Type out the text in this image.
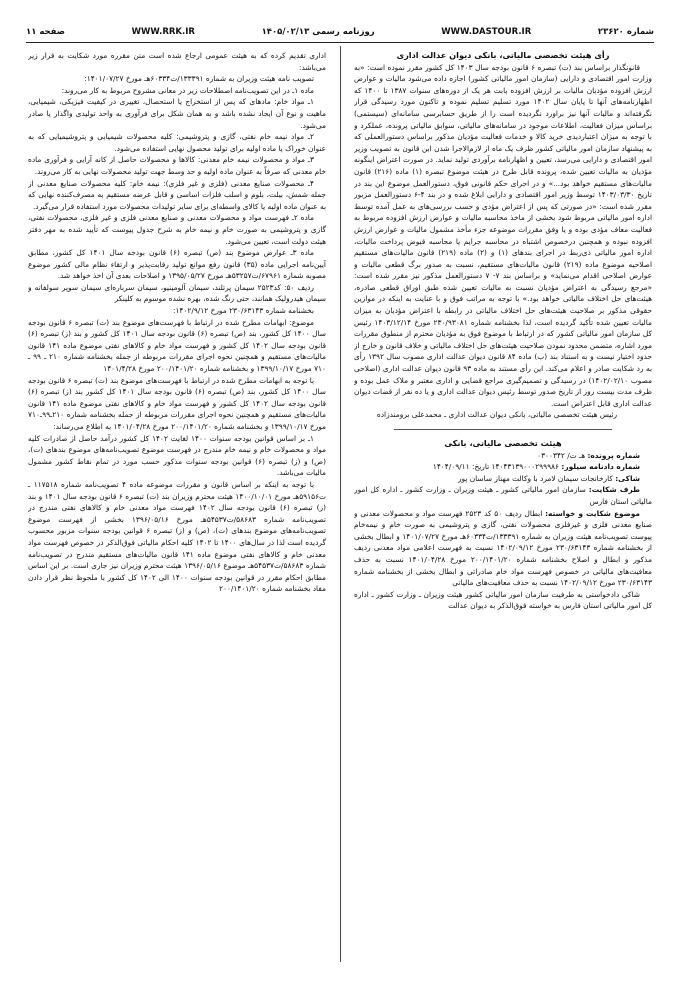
شماره ۲۳۶۲۰
WWW.DASTOUR.IR
روزنامه رسمی ۱۴۰۵/۰۲/۱۳
WWW.RRK.IR
صفحه ۱۱

رأی هیئت تخصصی مالیاتی، بانکی دیوان عدالت اداری

قانونگذار براساس بند (ت) تبصره ۶ قانون بودجه سال ۱۴۰۳ کل کشور مقرر نموده است: «به وزارت امور اقتصادی و دارایی (سازمان امور مالیاتی کشور) اجازه داده می‌شود مالیات و عوارض ارزش افزوده مؤدیان مالیات بر ارزش افزوده بابت هر یک از دوره‌های سنوات ۱۳۸۷ تا ۱۴۰۰ که اظهارنامه‌های آنها تا پایان سال ۱۴۰۲ مورد تسلیم تسلیم نموده و تاکنون مورد رسیدگی قرار نگرفته‌اند و مالیات آنها نیز براورد نگردیده است را از طریق حسابرسی سامانه‌ای (سیستمی) براساس میزان فعالیت، اطلاعات موجود در سامانه‌های مالیاتی، سوابق مالیاتی پرونده، عملکرد و با توجه به میزان اعتباردیدی خرید کالا و خدمات فعالیت مؤدیان مذکور براساس دستورالعملی که به پیشنهاد سازمان امور مالیاتی کشور ظرف یک ماه از لازم‌الاجرا شدن این قانون به تصویب وزیر امور اقتصادی و دارایی می‌رسد، تعیین و اظهارنامه برآوردی تولید نماید. در صورت اعتراض اینگونه مؤدیان به مالیات تعیین شده، پرونده قابل طرح در هیئت موضوع تبصره (۱) ماده (۲۱۶) قانون مالیات‌های مستقیم خواهد بود...» و در اجرای حکم قانونی فوق، دستورالعمل موضوع این بند در تاریخ ۱۴۰۳/۰۳/۳۰ توسط وزیر امور اقتصادی و دارایی ابلاغ شده و در بند ۴-۶ دستورالعمل مزبور مقرر شده است: «در صورتی که پس از اعتراض مؤدی و حسب بررسی‌های به عمل آمده توسط اداره امور مالیاتی مربوط شود بخشی از ماخذ محاسبه مالیات و عوارض ارزش افزوده مربوط به فعالیت معاف مؤدی بوده و یا وفق مقررات موضوعه جزء مأخذ مشمول مالیات و عوارض ارزش افزوده نبوده و همچنین درخصوص اشتباه در محاسبه جرایم یا محاسبه قبوض پرداخت مالیات، اداره امور مالیاتی ذی‌ربط در اجرای بندهای (۱) و (۲) ماده (۲۱۹) قانون مالیات‌های مستقیم اصلاحیه موضوع ماده (۲۱۹) قانون مالیات‌های مستقیم، نسبت به صدور برگ قطعی مالیات و عوارض اصلاحی اقدام می‌نماید» و براساس بند ۷- ۷ دستورالعمل مذکور نیز مقرر شده است: «مرجع رسیدگی به اعتراض مؤدیان نسبت به مالیات تعیین شده طبق اوراق قطعی صادره، هیئت‌های حل اختلاف مالیاتی خواهد بود.» با توجه به مراتب فوق و با عنایت به اینکه در موازین حقوقی مذکور بر صلاحیت هیئت‌های حل اختلاف مالیاتی در رابطه با اعتراض مؤدیان به میزان مالیات تعیین شده تأکید گردیده است، لذا بخشنامه شماره ۲۳۰/۹۳۰۸۱ مورخ ۱۴۰۳/۱۲/۱۴ رئیس کل سازمان امور مالیاتی کشور که در ارتباط با موضوع فوق به مؤدیان محترم از منطوق مقررات مورد اشاره، متضمن محدود نمودن صلاحیت هیئت‌های حل اختلاف مالیاتی و خلاف قانون و خارج از حدود اختیار نیست و به استناد بند (ب) ماده ۸۴ قانون دیوان عدالت اداری مصوب سال ۱۳۹۲ رأی به رد شکایت صادر و اعلام می‌کند. این رأی مستند به ماده ۹۳ قانون دیوان عدالت اداری (اصلاحی مصوب ۱۴۰۲/۰۲/۱۰) در رسیدگی و تصمیم‌گیری مراجع قضایی و اداری معتبر و ملاک عمل بوده و ظرف مدت بیست روز از تاریخ صدور توسط رئیس دیوان عدالت اداری و یا ده نفر از قضات دیوان عدالت اداری قابل اعتراض است.

رئیس هیئت تخصصی مالیاتی، بانکی دیوان عدالت اداری ـ محمدعلی برومندزاده

هیئت تخصصی مالیاتی، بانکی

شماره پرونده: هـ ت/ ۰۳۰۰۳۴۲

شماره دادنامه سیلور: ۱۴۰۴۳۱۳۹۰۰۰۲۹۹۹۸۶ تاریخ: ۱۴۰۴/۰۹/۱۱

شاکی: کارخانجات سیمان لامرد با وکالت مهناز ساسان پور

طرف شکایت: سازمان امور مالیاتی کشور ـ هیئت وزیران ـ وزارت کشور ـ اداره کل امور مالیاتی استان فارس

موضوع شکایت و خواسته: ابطال ردیف ۵۰ کد ۲۵۲۳ فهرست مواد و محصولات معدنی و صنایع معدنی فلزی و غیرفلزی محصولات نفتی، گازی و پتروشیمی به صورت خام و نیمه‌خام پیوست تصویب‌نامه هیئت وزیران به شماره ۱۳۳۳۹۱/ت۶۰۳۳۴هـ مورخ ۱۴۰۱/۰۷/۲۷ و ابطال بخشی از بخشنامه شماره ۲۳۰/۶۳۱۴۳ مورخ ۱۴۰۲/۰۹/۱۲ نسبت به فهرست اعلامی مواد معدنی ردیف مذکور و ابطال و اصلاح بخشنامه شماره ۲۰۰/۱۴۰۱/۲۰ مورخ ۱۴۰۱/۰۴/۲۸ نسبت به حذف معافیت‌های مالیاتی در خصوص فهرست مواد خام صادراتی و ابطال بخشی از بخشنامه شماره ۲۳۰/۶۳۱۴۳ مورخ ۱۴۰۲/۰۹/۱۲ نسبت به حذف معافیت‌های مالیاتی

شاکی دادخواستی به طرفیت سازمان امور مالیاتی کشور هیئت وزیران ـ وزارت کشور ـ اداره کل امور مالیاتی استان فارس به خواسته فوق‌الذکر به دیوان عدالت

اداری تقدیم کرده که به هیئت عمومی ارجاع شده است متن مقرره مورد شکایت به قرار زیر می‌باشد:

تصویب نامه هیئت وزیران به شماره ۱۳۳۳۹۱/ت۶۰۳۳۴هـ مورخ ۱۴۰۱/۰۷/۲۷:

ماده ۱ـ در این تصویب‌نامه اصطلاحات زیر در معانی مشروح مربوط به کار می‌روند:

۱ـ مواد خام: مادهای که پس از استخراج یا استحصال، تغییری در کیفیت فیزیکی، شیمیایی، ماهیت و نوع آن ایجاد نشده باشد و به همان شکل برای فرآوری به واحد تولیدی واگذار یا صادر می‌شود.

۲ـ مواد نیمه خام نفتی، گازی و پتروشیمی: کلیه محصولات شیمیایی و پتروشیمیایی که به عنوان خوراک یا ماده اولیه برای تولید محصول نهایی استفاده می‌شود.

۳ـ مواد و محصولات نیمه خام معدنی: کالاها و محصولات حاصل از کانه آرایی و فرآوری ماده خام معدنی که صرفاً به عنوان ماده اولیه و حد وسط جهت تولید محصولات نهایی به کار می‌روند.

۴ـ محصولات صنایع معدنی (فلزی و غیر فلزی): نیمه خام: کلیه محصولات صنایع معدنی از جمله شمش، بیلت، بلوم و اسلب فلزات اساسی و قابل عرضه مستقیم به مصرف‌کننده نهایی که به عنوان ماده اولیه یا کالای واسطه‌ای برای سایر تولیدات محصولات مورد استفاده قرار می‌گیرد.

ماده ۲ـ فهرست مواد و محصولات معدنی و صنایع معدنی فلزی و غیر فلزی، محصولات نفتی، گازی و پتروشیمی به صورت خام و نیمه خام به شرح جدول پیوست که تأیید شده به مهر دفتر هیئت دولت است، تعیین می‌شود.

ماده ۳ـ عوارض موضوع بند (ص) تبصره (۶) قانون بودجه سال ۱۴۰۱ کل کشور، مطابق آیین‌نامه اجرایی ماده (۳۵) قانون رفع موانع تولید رقابت‌پذیر و ارتقاء نظام مالی کشور موضوع مصوبه شماره ۶۷۹۶۱/ت۵۳۲۵۷هـ مورخ ۱۳۹۵/۰۵/۲۷ و اصلاحات بعدی آن اخذ خواهد شد.

ردیف ۵۰: کد۲۵۲۳ سیمان پرتلند، سیمان آلومینیو، سیمان سرباره‌ای سیمان سوپر سولفاته و سیمان هیدرولیک همانند، حتی رنگ شده، بهره نشده موسوم به کلینکر

بخشنامه شماره ۲۳۰/۶۳۱۴۳ مورخ ۱۴۰۲/۹/۱۲:

موضوع: ابهامات مطرح شده در ارتباط با فهرست‌های موضوع بند (ت) تبصره ۶ قانون بودجه سال ۱۴۰۰ کل کشور، بند (ص) تبصره (۶) قانون بودجه سال ۱۴۰۱ کل کشور و بند (ز) تبصره (۶) قانون بودجه سال ۱۴۰۲ کل کشور و فهرست مواد خام و کالاهای نفتی موضوع ماده ۱۴۱ قانون مالیات‌های مستقیم و همچنین نحوه اجرای مقررات مربوطه از جمله بخشنامه شماره ۲۱۰ ـ ۹۹ ـ ۷۱۰ مورخ ۱۳۹۹/۱۰/۱۷ و بخشنامه شماره ۲۰۰/۱۴۰۱/۲۰ مورخ ۱۴۰۱/۴/۲۸

با توجه به ابهامات مطرح شده در ارتباط با فهرست‌های موضوع بند (ت) تبصره ۶ قانون بودجه سال ۱۴۰۰ کل کشور، بند (ص) تبصره (۶) قانون بودجه سال ۱۴۰۱ کل کشور بند (ز) تبصره (۶) قانون بودجه سال ۱۴۰۲ کل کشور و فهرست مواد خام و کالاهای نفتی موضوع ماده ۱۴۱ قانون مالیات‌های مستقیم و همچنین نحوه اجرای مقررات مربوطه از جمله بخشنامه شماره ۲۱۰ـ۹۹ـ۷۱۰ مورخ ۱۳۹۹/۱۰/۱۷ و بخشنامه شماره ۲۰۰/۱۴۰۱/۲۰ مورخ ۱۴۰۱/۰۴/۲۸ به اطلاع می‌رساند:

۱ـ بر اساس قوانین بودجه سنوات ۱۴۰۰ لغایت ۱۴۰۲ کل کشور درآمد حاصل از صادرات کلیه مواد و محصولات خام و نیمه خام مندرج در فهرست موضوع تصویب‌نامه‌های موضوع بندهای (ت)، (ص) و (ز) تبصره (۶) قوانین بودجه سنوات مذکور حسب مورد در تمام نقاط کشور مشمول مالیات می‌باشد.

با توجه به اینکه بر اساس قانون و مقررات موضوعه ماده ۴ تصویب‌نامه شماره ۱۱۷۵۱۸ ـ ت۵۹۱۵۶هـ مورخ ۱۴۰۰/۱۰/۰۱ هیئت محترم وزیران بند (ت) تبصره ۶ قانون بودجه سال ۱۴۰۱ و بند (ز) تبصره (۶) قانون بودجه سال ۱۴۰۲ فهرست مواد معدنی خام و کالاهای نفتی مندرج در تصویب‌نامه شماره ۵۸۶۸۳/ت۵۴۵۳۷هـ مورخ ۱۳۹۶/۰۵/۱۶ بخشی از فهرست موضوع تصویب‌نامه‌های موضوع بندهای (ت)، (ص) و (ز) تبصره ۶ قوانین بودجه سنوات مزبور محسوب گردیده است لذا در سال‌های ۱۴۰۰ تا ۱۴۰۲ کلیه احکام مالیاتی فوق‌الذکر در خصوص فهرست مواد معدنی خام و کالاهای نفتی موضوع ماده ۱۴۱ قانون مالیات‌های مستقیم مندرج در تصویب‌نامه شماره ۵۸۶۸۳/ت۵۴۵۳۷هـ موضوع ۱۳۹۶/۰۵/۱۶ هیئت محترم وزیران نیز جاری است. بر این اساس مطابق احکام مقرر در قوانین بودجه سنوات ۱۴۰۰ الی ۱۴۰۲ کل کشور با ملحوظ نظر قرار دادن مفاد بخشنامه شماره ۲۰۰/۱۴۰۱/۲۰
